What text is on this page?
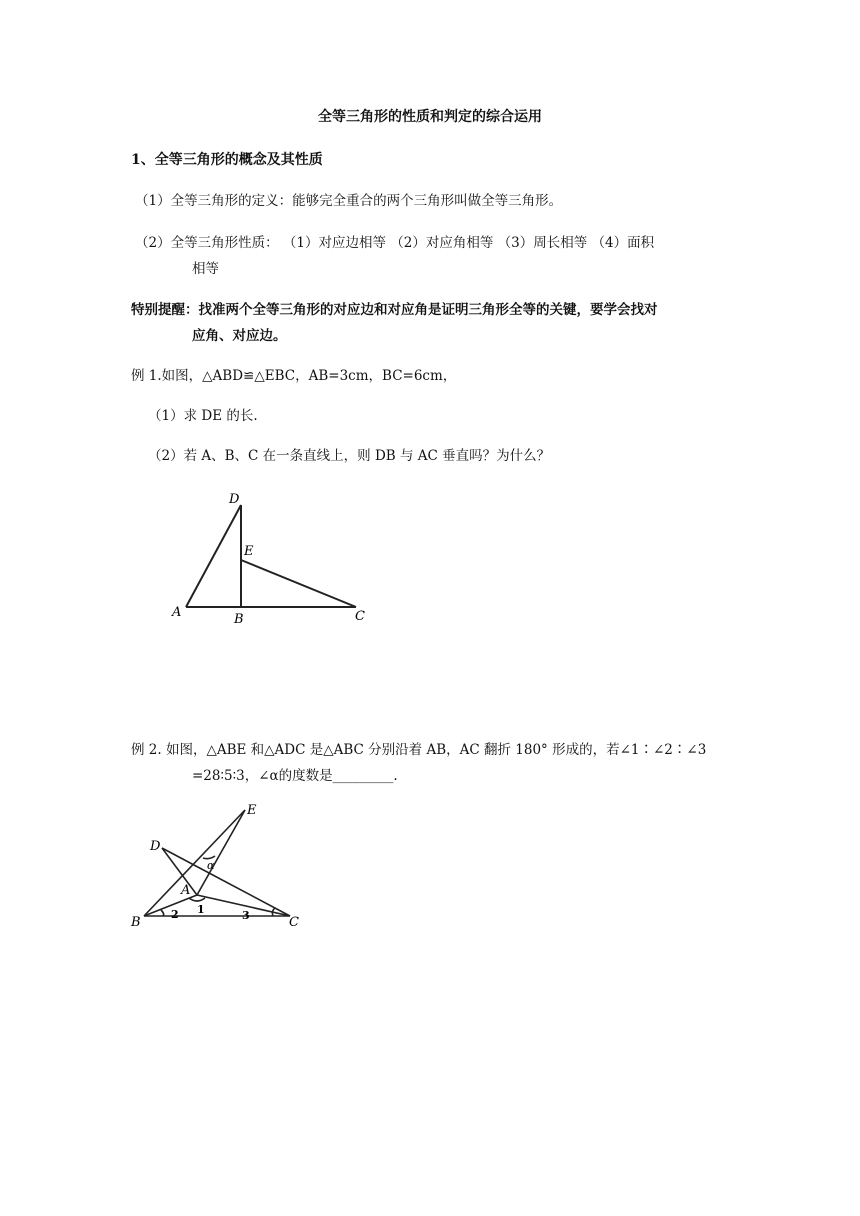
全等三角形的性质和判定的综合运用
1、全等三角形的概念及其性质
（1）全等三角形的定义：能够完全重合的两个三角形叫做全等三角形。
（2）全等三角形性质： （1）对应边相等 （2）对应角相等 （3）周长相等 （4）面积
相等
特别提醒：找准两个全等三角形的对应边和对应角是证明三角形全等的关键，要学会找对
应角、对应边。
例 1.如图，△ABD≌△EBC，AB=3cm，BC=6cm，
（1）求 DE 的长.
（2）若 A、B、C 在一条直线上，则 DB 与 AC 垂直吗？为什么？
D
E
A	B	C
例 2. 如图，△ABE 和△ADC 是△ABC 分别沿着 AB，AC 翻折 180° 形成的，若∠1∶∠2∶∠3
=28∶5∶3，∠α的度数是_________.
E
D
A
B	C
α
1
2	3
